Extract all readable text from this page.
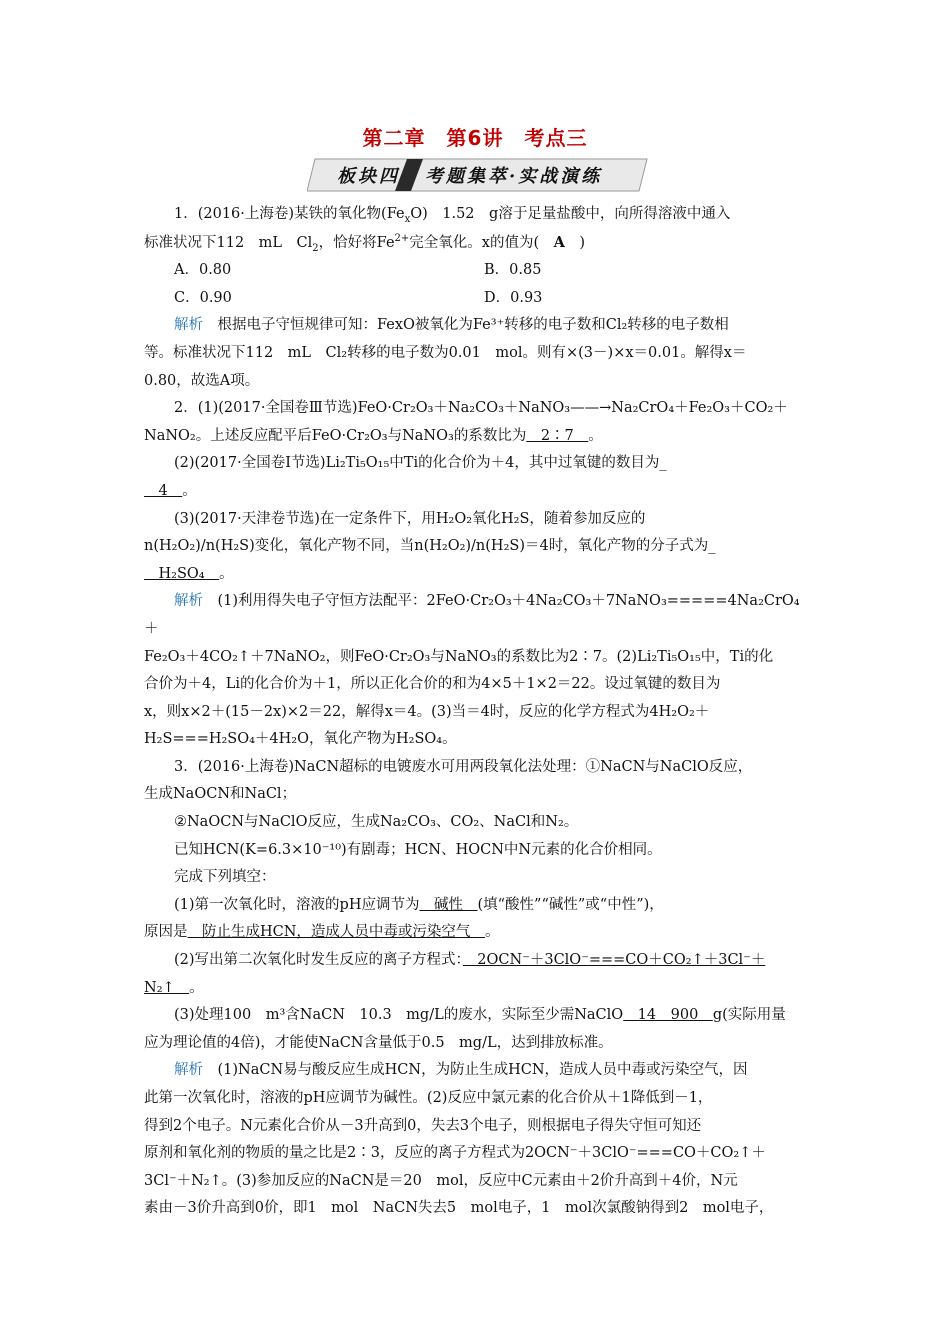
第二章　第6讲　考点三
板块四 考题集萃·实战演练

1．(2016·上海卷)某铁的氧化物$(Fe_xO)$　1.52　g溶于足量盐酸中，向所得溶液中通入

标准状况下112　mL　$Cl_2$，恰好将$Fe^{2+}$完全氧化。x的值为(　A　)

A．0.80	B．0.85
C．0.90	D．0.93

解析　根据电子守恒规律可知：FexO被氧化为Fe³⁺转移的电子数和Cl₂转移的电子数相

等。标准状况下112　mL　Cl₂转移的电子数为0.01　mol。则有×(3－)×x＝0.01。解得x＝

0.80，故选A项。

2．(1)(2017·全国卷Ⅲ节选)FeO·Cr₂O₃＋Na₂CO₃＋NaNO₃——→Na₂CrO₄＋Fe₂O₃＋CO₂＋

NaNO₂。上述反应配平后FeO·Cr₂O₃与NaNO₃的系数比为　2∶7　。

(2)(2017·全国卷Ⅰ节选)Li₂Ti₅O₁₅中Ti的化合价为＋4，其中过氧键的数目为_

　4　。

(3)(2017·天津卷节选)在一定条件下，用H₂O₂氧化H₂S，随着参加反应的

n(H₂O₂)/n(H₂S)变化，氧化产物不同，当n(H₂O₂)/n(H₂S)＝4时，氧化产物的分子式为_

　H₂SO₄　。

解析　(1)利用得失电子守恒方法配平：2FeO·Cr₂O₃＋4Na₂CO₃＋7NaNO₃=====4Na₂CrO₄＋

Fe₂O₃＋4CO₂↑＋7NaNO₂，则FeO·Cr₂O₃与NaNO₃的系数比为2∶7。(2)Li₂Ti₅O₁₅中，Ti的化

合价为＋4，Li的化合价为＋1，所以正化合价的和为4×5＋1×2＝22。设过氧键的数目为

x，则x×2＋(15－2x)×2＝22，解得x＝4。(3)当＝4时，反应的化学方程式为4H₂O₂＋

H₂S===H₂SO₄＋4H₂O，氧化产物为H₂SO₄。

3．(2016·上海卷)NaCN超标的电镀废水可用两段氧化法处理：①NaCN与NaClO反应，

生成NaOCN和NaCl；

②NaOCN与NaClO反应，生成Na₂CO₃、CO₂、NaCl和N₂。

已知HCN(K=6.3×10⁻¹⁰)有剧毒；HCN、HOCN中N元素的化合价相同。

完成下列填空：

(1)第一次氧化时，溶液的pH应调节为　碱性　(填“酸性”“碱性”或“中性”)，

原因是　防止生成HCN，造成人员中毒或污染空气　。

(2)写出第二次氧化时发生反应的离子方程式：　2OCN⁻＋3ClO⁻===CO＋CO₂↑＋3Cl⁻＋

N₂↑　。

(3)处理100　m³含NaCN　10.3　mg/L的废水，实际至少需NaClO　14　900　g(实际用量

应为理论值的4倍)，才能使NaCN含量低于0.5　mg/L，达到排放标准。

解析　(1)NaCN易与酸反应生成HCN，为防止生成HCN，造成人员中毒或污染空气，因

此第一次氧化时，溶液的pH应调节为碱性。(2)反应中氯元素的化合价从＋1降低到－1，

得到2个电子。N元素化合价从－3升高到0，失去3个电子，则根据电子得失守恒可知还

原剂和氧化剂的物质的量之比是2∶3，反应的离子方程式为2OCN⁻＋3ClO⁻===CO＋CO₂↑＋

3Cl⁻＋N₂↑。(3)参加反应的NaCN是＝20　mol，反应中C元素由＋2价升高到＋4价，N元

素由－3价升高到0价，即1　mol　NaCN失去5　mol电子，1　mol次氯酸钠得到2　mol电子，
